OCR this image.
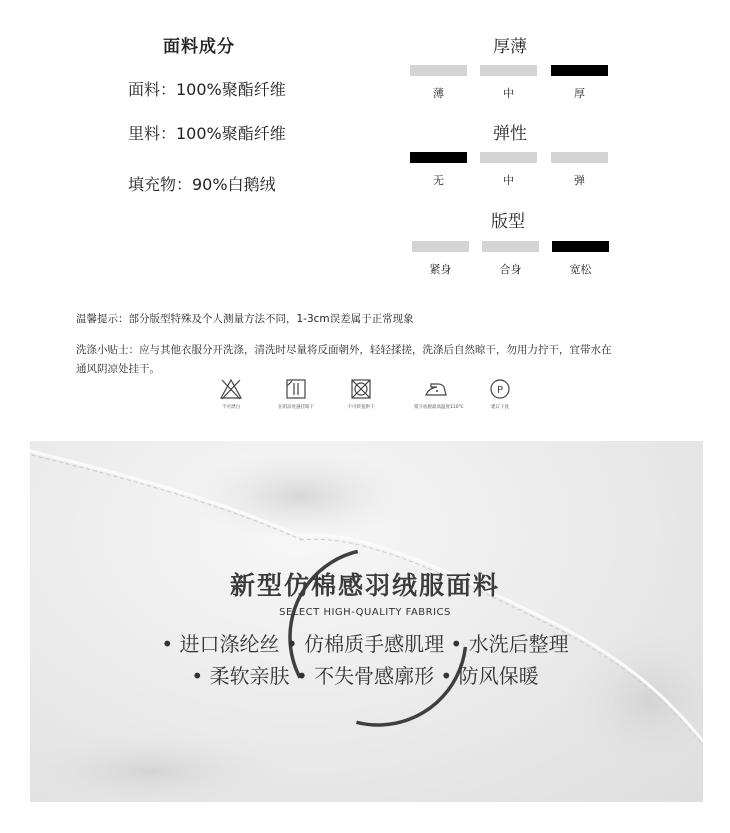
面料成分
面料：100%聚酯纤维
里料：100%聚酯纤维
填充物：90%白鹅绒
厚薄
薄	中	厚
弹性
无	中	弹
版型
紧身	合身	宽松
温馨提示：部分版型特殊及个人测量方法不同，1-3cm误差属于正常现象
洗涤小贴士：应与其他衣服分开洗涤，清洗时尽量将反面朝外，轻轻揉搓，洗涤后自然晾干，勿用力拧干，宜带水在
通风阴凉处挂干。
不可漂白	在阴凉处悬挂晾干	不可转笼烘干	熨斗底板最高温度110℃
P
建议干洗
新型仿棉感羽绒服面料
SELECT HIGH-QUALITY FABRICS
• 进口涤纶丝 • 仿棉质手感肌理 • 水洗后整理
• 柔软亲肤 • 不失骨感廓形 • 防风保暖
